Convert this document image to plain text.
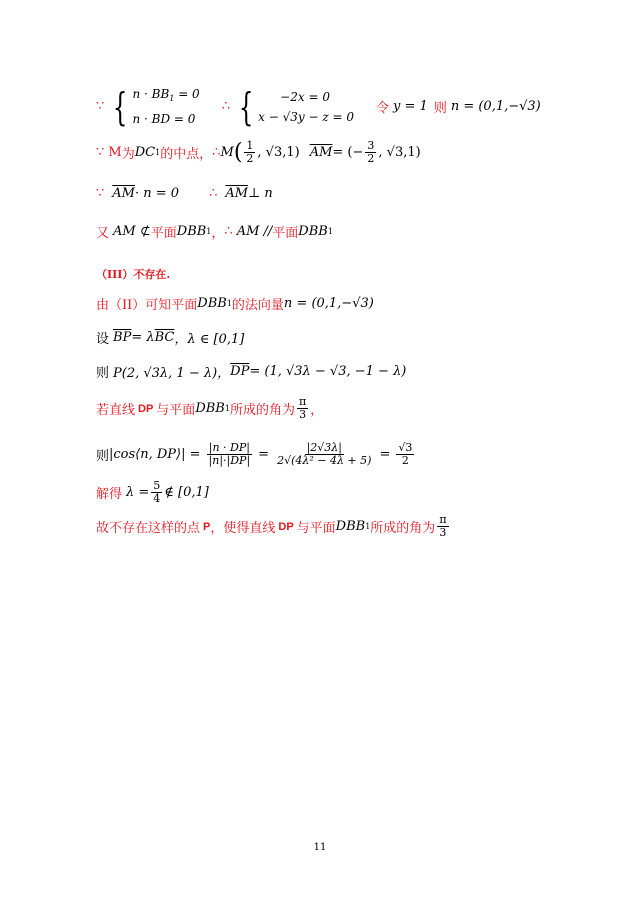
∵ { $n \cdot BB_1 = 0$
n · BD = 0
∴ {	−2x = 0
x − √3y − z = 0
令 y = 1 则 n = (0,1,−√3)
∵ M 为 DC 1 的中点， ∴ M ( $\frac{1}{2}$ , √3,1) $\overline{AM}$ = (− $\frac{3}{2}$ , √3,1)
∵ $\overline{AM} \cdot n = 0$ ∴ $\overline{AM}$ ⊥ n
又 AM ⊄ 平面 DBB 1 ， ∴ AM // 平面 DBB 1
（III）不存在.
由（II）可知平面 DBB 1 的法向量 n = (0,1,−√3)
设 $\overline{BP} = \lambda$ $\overline{BC}$ ，λ ∈ [0,1]
则 P(2, √3λ, 1 − λ)， $\overline{DP} = (1$, √3λ − √3, −1 − λ)
若直线 DP 与平面 DBB 1 所成的角为 $\frac{\pi}{3}$ ，
则 |cos⟨n, DP⟩| = $\frac{|n \cdot DP|}{|n|\cdot|DP|} = \frac{|2√3\lambda|}{\text{2√(4λ² − 4λ + 5)}} = \frac{√3}{2}$
解得 $\lambda = \frac{5}{4}$ ∉ [0,1]
故不存在这样的点 P ，使得直线 DP 与平面 DBB 1 所成的角为 $\frac{\pi}{3}$
11
